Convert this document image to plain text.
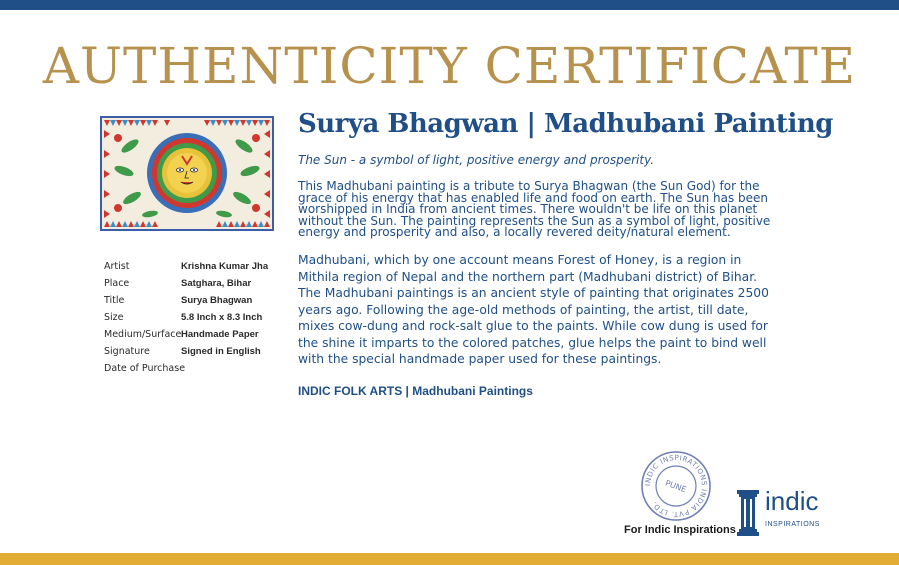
AUTHENTICITY CERTIFICATE
Artist	Krishna Kumar Jha
Place	Satghara, Bihar
Title	Surya Bhagwan
Size	5.8 Inch x 8.3 Inch
Medium/Surface Handmade Paper
Signature	Signed in English
Date of Purchase
Surya Bhagwan | Madhubani Painting
The Sun - a symbol of light, positive energy and prosperity.
This Madhubani painting is a tribute to Surya Bhagwan (the Sun God) for the grace of his energy that has enabled life and food on earth. The Sun has been worshipped in India from ancient times. There wouldn't be life on this planet without the Sun. The painting represents the Sun as a symbol of light, positive energy and prosperity and also, a locally revered deity/natural element.
Madhubani, which by one account means Forest of Honey, is a region in Mithila region of Nepal and the northern part (Madhubani district) of Bihar. The Madhubani paintings is an ancient style of painting that originates 2500 years ago. Following the age-old methods of painting, the artist, till date, mixes cow-dung and rock-salt glue to the paints. While cow dung is used for the shine it imparts to the colored patches, glue helps the paint to bind well with the special handmade paper used for these paintings.
INDIC FOLK ARTS | Madhubani Paintings
INDIC INSPIRATIONS INDIA PVT. LTD.
PUNE
For Indic Inspirations
indic
INSPIRATIONS
